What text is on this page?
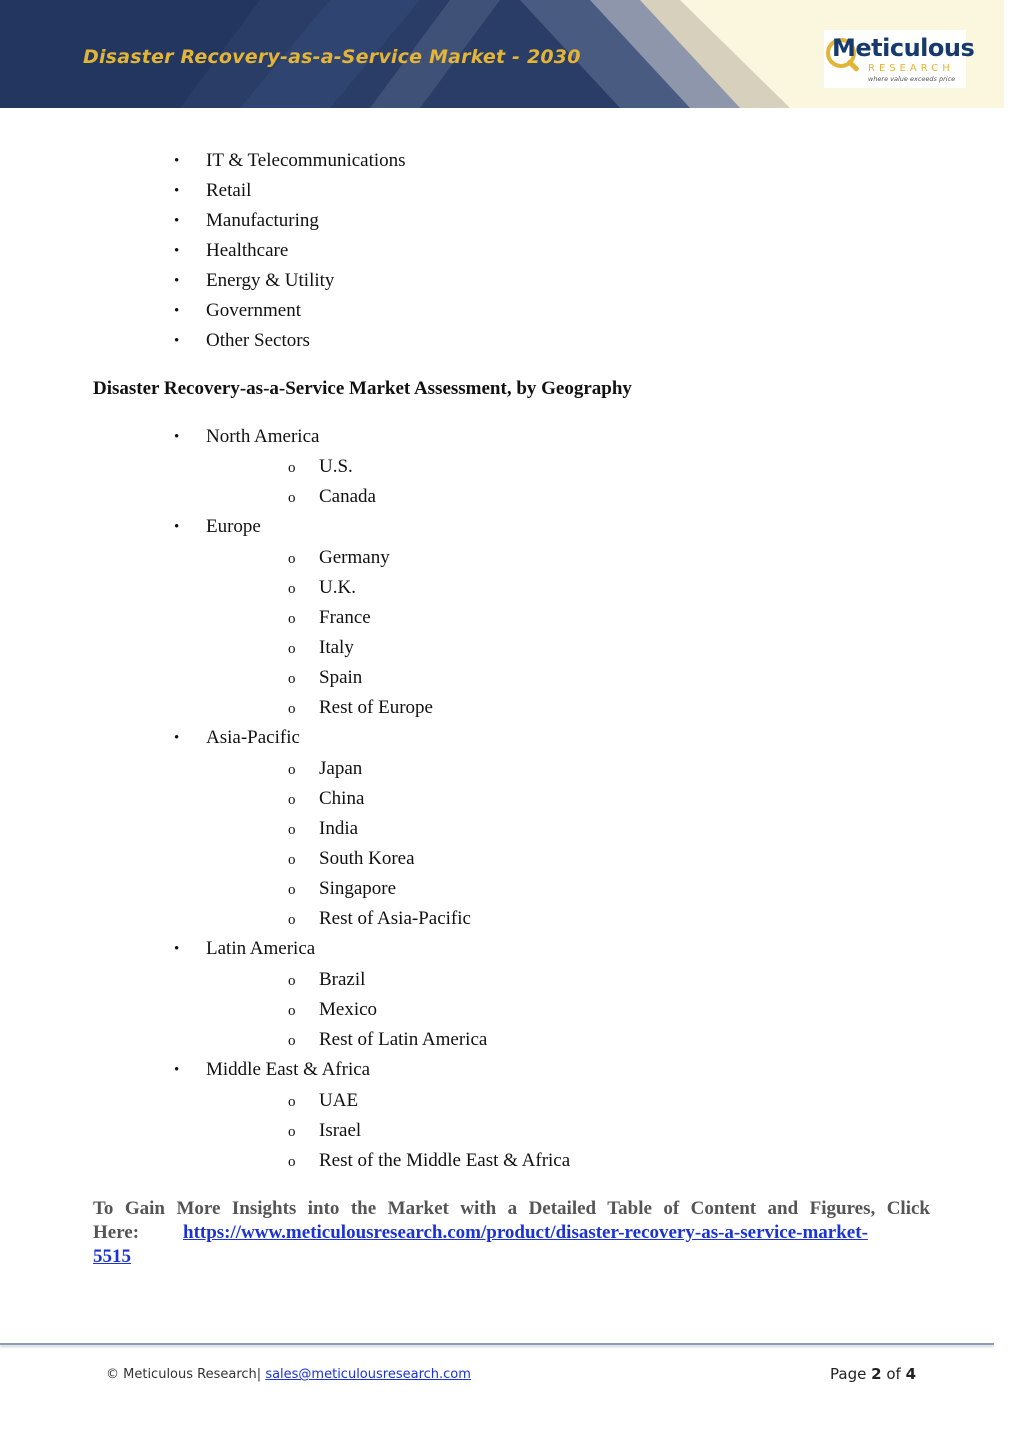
Disaster Recovery-as-a-Service Market - 2030	Meticulous
RESEARCH
where value exceeds price
• IT & Telecommunications
• Retail
• Manufacturing
• Healthcare
• Energy & Utility
• Government
• Other Sectors
Disaster Recovery-as-a-Service Market Assessment, by Geography
• North America
o U.S.
o Canada
• Europe
o Germany
o U.K.
o France
o Italy
o Spain
o Rest of Europe
• Asia-Pacific
o Japan
o China
o India
o South Korea
o Singapore
o Rest of Asia-Pacific
• Latin America
o Brazil
o Mexico
o Rest of Latin America
• Middle East & Africa
o UAE
o Israel
o Rest of the Middle East & Africa
To Gain More Insights into the Market with a Detailed Table of Content and Figures, Click
Here: https://www.meticulousresearch.com/product/disaster-recovery-as-a-service-market-
5515
© Meticulous Research| sales@meticulousresearch.com	Page 2 of 4
